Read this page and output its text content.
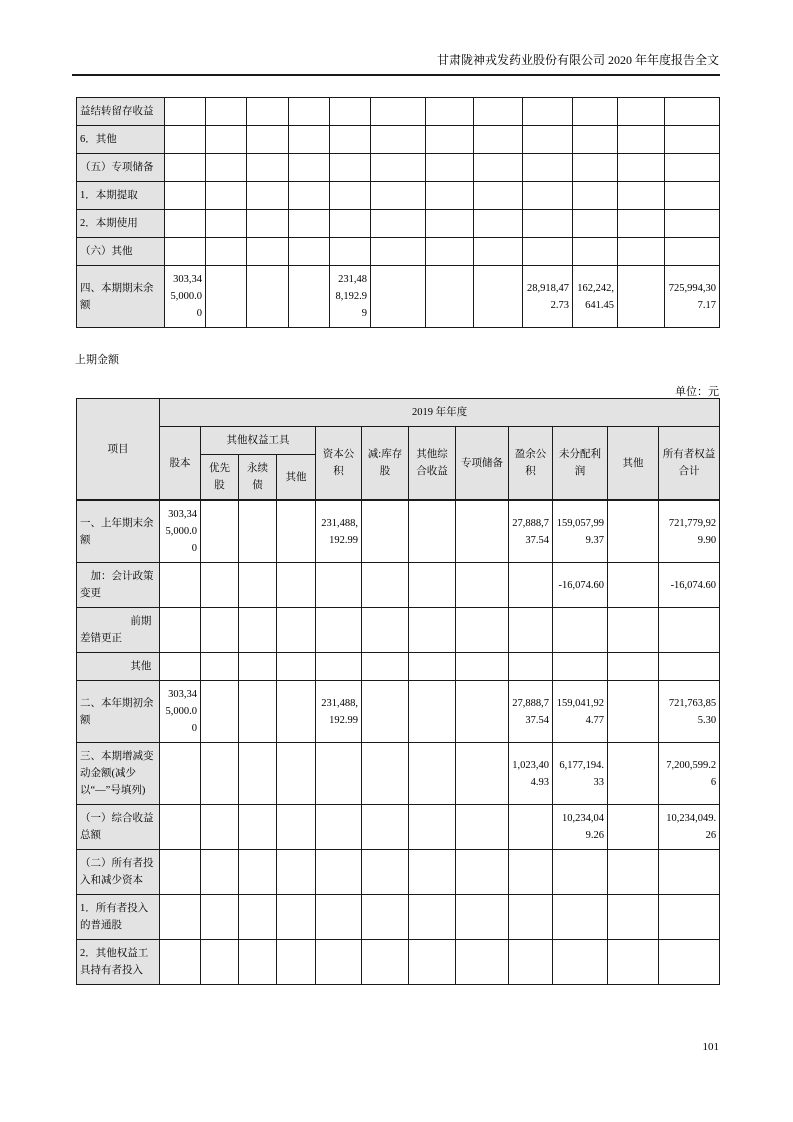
甘肃陇神戎发药业股份有限公司 2020 年年度报告全文
益结转留存收益												
6．其他												
（五）专项储备												
1．本期提取												
2．本期使用												
（六）其他												
四、本期期末余额	303,345,000.00				231,488,192.99				28,918,472.73	162,242,641.45		725,994,307.17
上期金额
单位：元
项目	2019 年年度											
	股本	其他权益工具			资本公积	减:库存股	其他综合收益	专项储备	盈余公积	未分配利润	其他	所有者权益合计
		优先股	永续债	其他								
一、上年期末余额	303,345,000.00				231,488,192.99				27,888,737.54	159,057,999.37		721,779,929.90
加：会计政策变更										-16,074.60		-16,074.60
前期差错更正												
其他												
二、本年期初余额	303,345,000.00				231,488,192.99				27,888,737.54	159,041,924.77		721,763,855.30
三、本期增减变动金额(减少以“—”号填列)									1,023,404.93	6,177,194.33		7,200,599.26
（一）综合收益总额										10,234,049.26		10,234,049.26
（二）所有者投入和减少资本												
1．所有者投入的普通股												
2．其他权益工具持有者投入												
101
